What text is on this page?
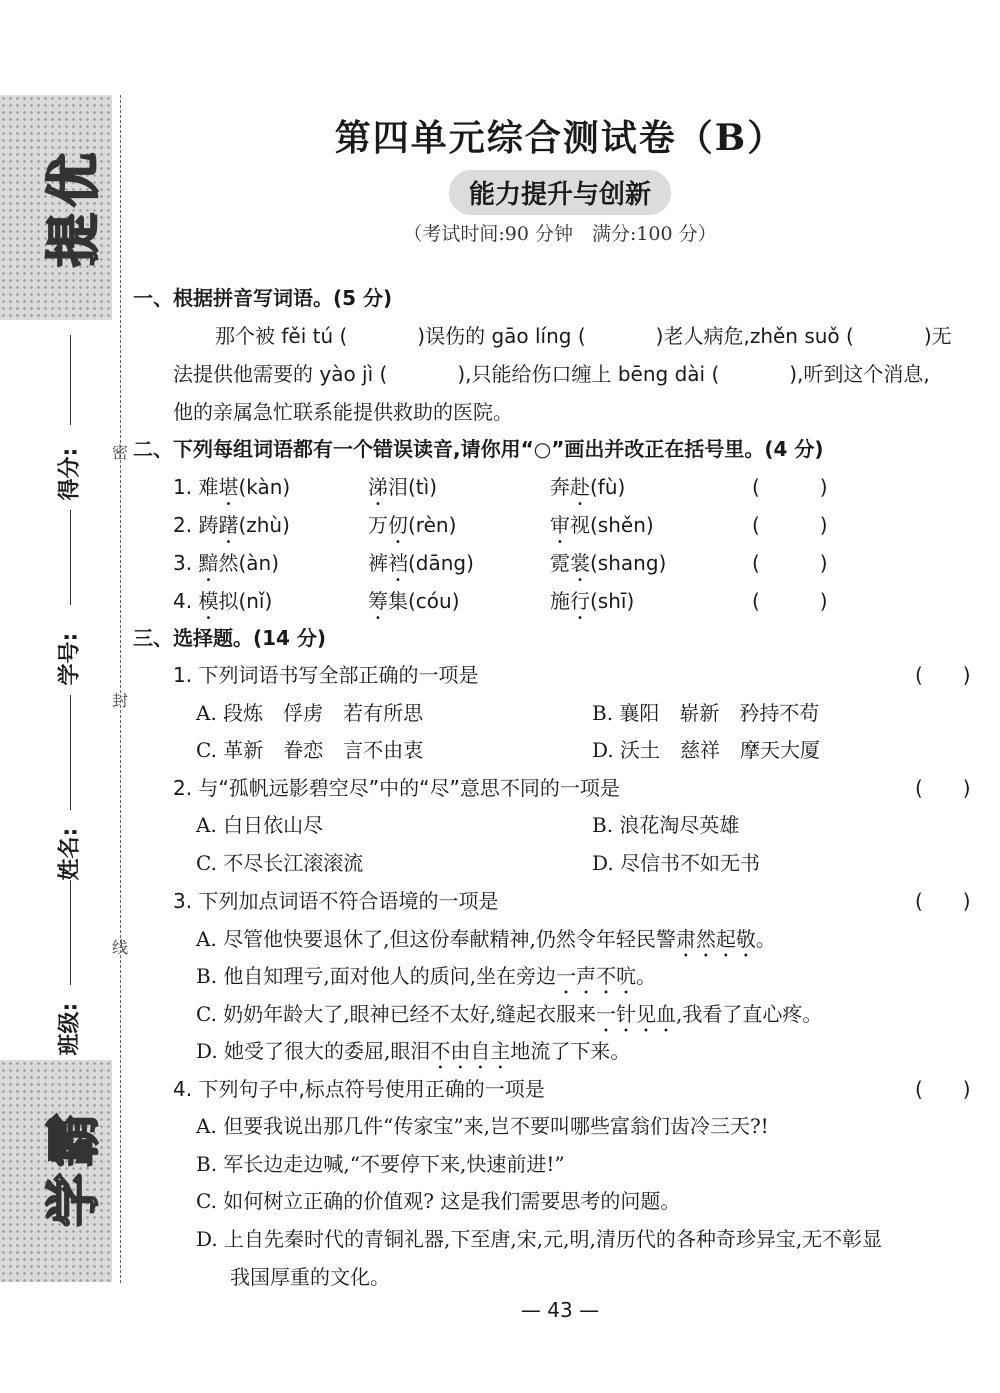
优
提
霸
学
得分:
学号:
姓名:
班级:
密
封
线
第四单元综合测试卷（B）
能力提升与创新
（考试时间:90 分钟　满分:100 分）
一、根据拼音写词语。(5 分)
那个被 fěi tú (	)误伤的 gāo líng (	)老人病危,zhěn suǒ (	)无
法提供他需要的 yào jì (	),只能给伤口缠上 bēng dài (	),听到这个消息,
他的亲属急忙联系能提供救助的医院。
二、下列每组词语都有一个错误读音,请你用“○”画出并改正在括号里。(4 分)
1. 难堪(kàn)	涕泪(tì)	奔赴(fù)	(　　　)
2. 踌躇(zhù)	万仞(rèn)	审视(shěn)	(　　　)
3. 黯然(àn)	裤裆(dāng)	霓裳(shang)	(　　　)
4. 模拟(nǐ)	筹集(cóu)	施行(shī)	(　　　)
三、选择题。(14 分)
1. 下列词语书写全部正确的一项是	(　　)
A. 段炼　俘虏　若有所思	B. 襄阳　崭新　矜持不苟
C. 革新　眷恋　言不由衷	D. 沃土　慈祥　摩天大厦
2. 与“孤帆远影碧空尽”中的“尽”意思不同的一项是	(　　)
A. 白日依山尽	B. 浪花淘尽英雄
C. 不尽长江滚滚流	D. 尽信书不如无书
3. 下列加点词语不符合语境的一项是	(　　)
A. 尽管他快要退休了,但这份奉献精神,仍然令年轻民警肃然起敬。
B. 他自知理亏,面对他人的质问,坐在旁边一声不吭。
C. 奶奶年龄大了,眼神已经不太好,缝起衣服来一针见血,我看了直心疼。
D. 她受了很大的委屈,眼泪不由自主地流了下来。
4. 下列句子中,标点符号使用正确的一项是	(　　)
A. 但要我说出那几件“传家宝”来,岂不要叫哪些富翁们齿冷三天?!
B. 军长边走边喊,“不要停下来,快速前进!”
C. 如何树立正确的价值观? 这是我们需要思考的问题。
D. 上自先秦时代的青铜礼器,下至唐,宋,元,明,清历代的各种奇珍异宝,无不彰显
我国厚重的文化。
— 43 —
